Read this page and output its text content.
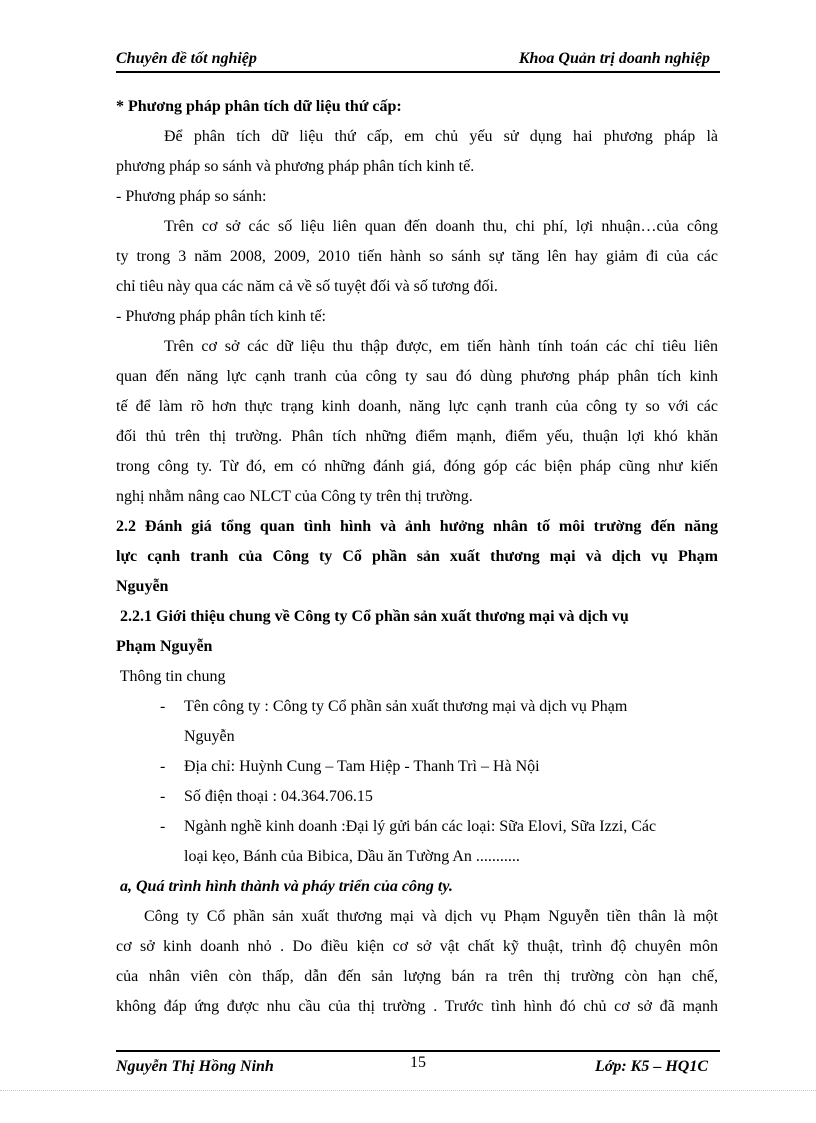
Chuyên đề tốt nghiệp	Khoa Quản trị doanh nghiệp
* Phương pháp phân tích dữ liệu thứ cấp:
Để phân tích dữ liệu thứ cấp, em chủ yếu sử dụng hai phương pháp là
phương pháp so sánh và phương pháp phân tích kinh tế.
- Phương pháp so sánh:
Trên cơ sở các số liệu liên quan đến doanh thu, chi phí, lợi nhuận…của công
ty trong 3 năm 2008, 2009, 2010 tiến hành so sánh sự tăng lên hay giảm đi của các
chỉ tiêu này qua các năm cả về số tuyệt đối và số tương đối.
- Phương pháp phân tích kinh tế:
Trên cơ sở các dữ liệu thu thập được, em tiến hành tính toán các chỉ tiêu liên
quan đến năng lực cạnh tranh của công ty sau đó dùng phương pháp phân tích kinh
tế để làm rõ hơn thực trạng kinh doanh, năng lực cạnh tranh của công ty so với các
đối thủ trên thị trường. Phân tích những điểm mạnh, điểm yếu, thuận lợi khó khăn
trong công ty. Từ đó, em có những đánh giá, đóng góp các biện pháp cũng như kiến
nghị nhằm nâng cao NLCT của Công ty trên thị trường.
2.2 Đánh giá tổng quan tình hình và ảnh hưởng nhân tố môi trường đến năng
lực cạnh tranh của Công ty Cổ phần sản xuất thương mại và dịch vụ Phạm
Nguyễn
2.2.1 Giới thiệu chung về Công ty Cổ phần sản xuất thương mại và dịch vụ
Phạm Nguyễn
Thông tin chung
- Tên công ty : Công ty Cổ phần sản xuất thương mại và dịch vụ Phạm
Nguyễn
- Địa chỉ: Huỳnh Cung – Tam Hiệp - Thanh Trì – Hà Nội
- Số điện thoại : 04.364.706.15
- Ngành nghề kinh doanh :Đại lý gửi bán các loại: Sữa Elovi, Sữa Izzi, Các
loại kẹo, Bánh của Bibica, Dầu ăn Tường An ...........
a, Quá trình hình thành và pháy triển của công ty.
Công ty Cổ phần sản xuất thương mại và dịch vụ Phạm Nguyễn tiền thân là một
cơ sở kinh doanh nhỏ . Do điều kiện cơ sở vật chất kỹ thuật, trình độ chuyên môn
của nhân viên còn thấp, dẫn đến sản lượng bán ra trên thị trường còn hạn chế,
không đáp ứng được nhu cầu của thị trường . Trước tình hình đó chủ cơ sở đã mạnh
Nguyễn Thị Hồng Ninh	15	Lớp: K5 – HQ1C
